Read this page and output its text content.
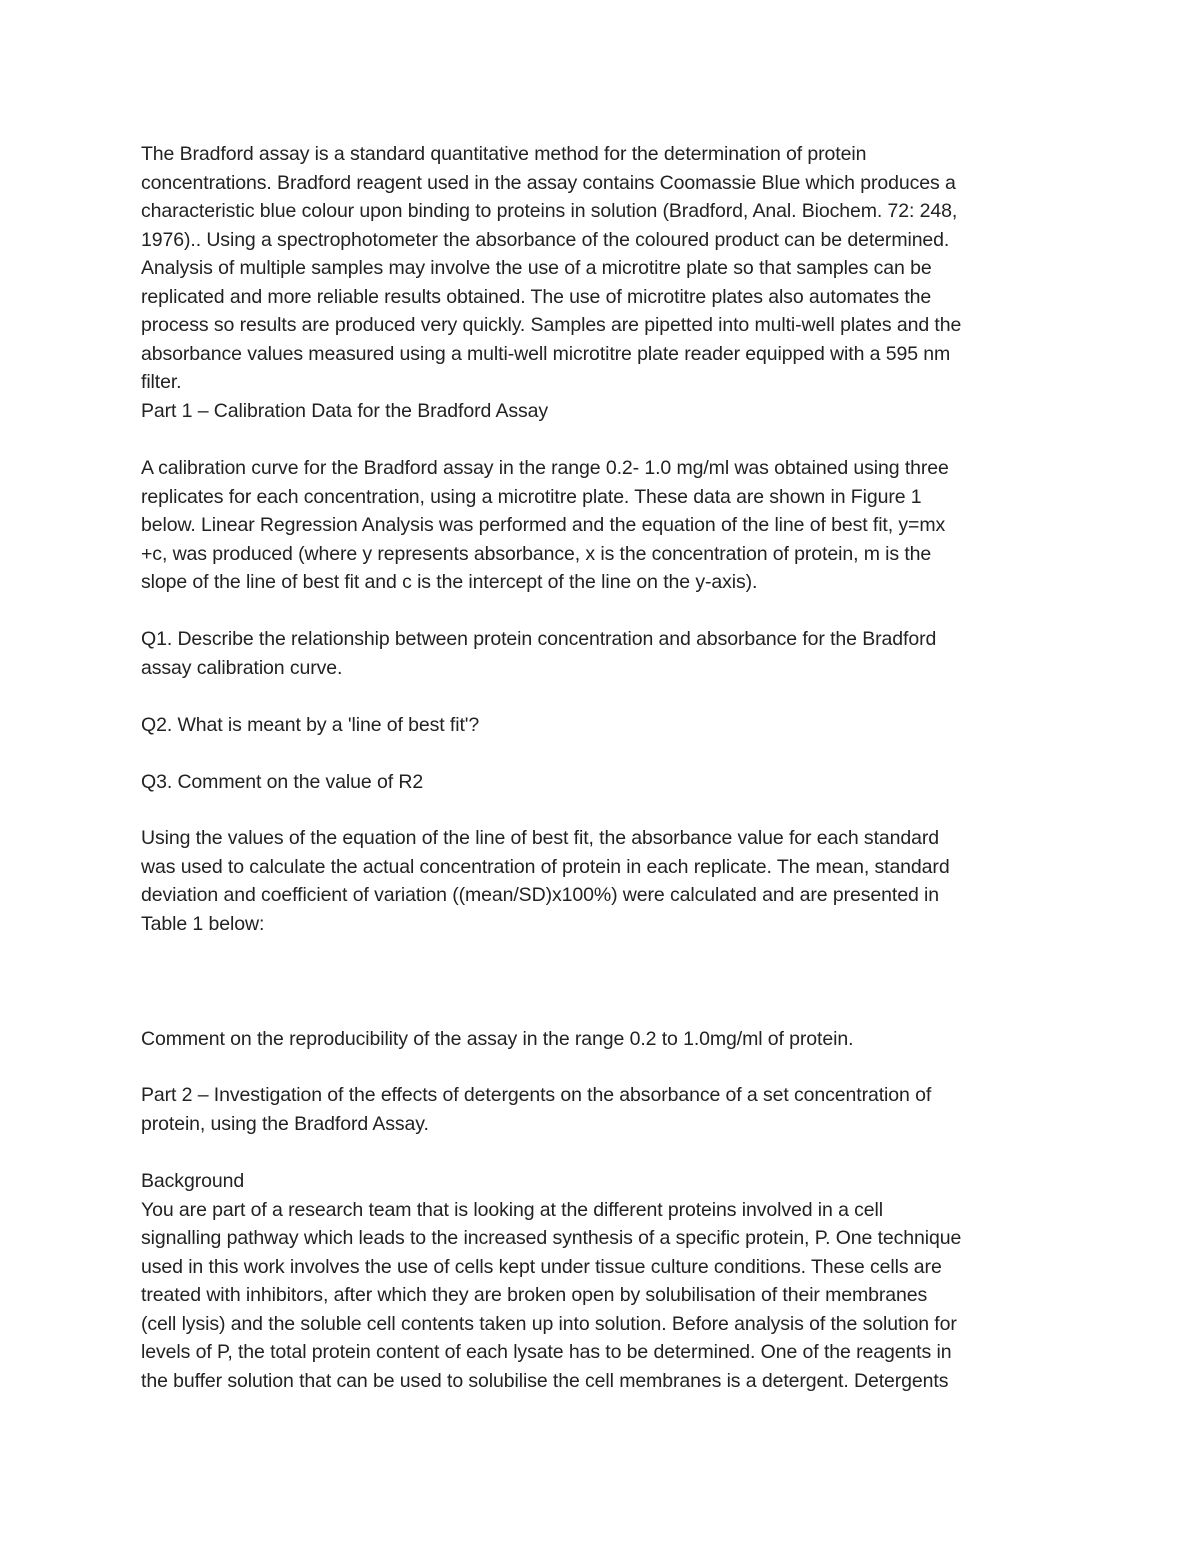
The Bradford assay is a standard quantitative method for the determination of protein
concentrations. Bradford reagent used in the assay contains Coomassie Blue which produces a
characteristic blue colour upon binding to proteins in solution (Bradford, Anal. Biochem. 72: 248,
1976).. Using a spectrophotometer the absorbance of the coloured product can be determined.
Analysis of multiple samples may involve the use of a microtitre plate so that samples can be
replicated and more reliable results obtained. The use of microtitre plates also automates the
process so results are produced very quickly. Samples are pipetted into multi-well plates and the
absorbance values measured using a multi-well microtitre plate reader equipped with a 595 nm
filter.
Part 1 – Calibration Data for the Bradford Assay
A calibration curve for the Bradford assay in the range 0.2- 1.0 mg/ml was obtained using three
replicates for each concentration, using a microtitre plate. These data are shown in Figure 1
below. Linear Regression Analysis was performed and the equation of the line of best fit, y=mx
+c, was produced (where y represents absorbance, x is the concentration of protein, m is the
slope of the line of best fit and c is the intercept of the line on the y-axis).
Q1. Describe the relationship between protein concentration and absorbance for the Bradford
assay calibration curve.
Q2. What is meant by a 'line of best fit'?
Q3. Comment on the value of R2
Using the values of the equation of the line of best fit, the absorbance value for each standard
was used to calculate the actual concentration of protein in each replicate. The mean, standard
deviation and coefficient of variation ((mean/SD)x100%) were calculated and are presented in
Table 1 below:
Comment on the reproducibility of the assay in the range 0.2 to 1.0mg/ml of protein.
Part 2 – Investigation of the effects of detergents on the absorbance of a set concentration of
protein, using the Bradford Assay.
Background
You are part of a research team that is looking at the different proteins involved in a cell
signalling pathway which leads to the increased synthesis of a specific protein, P. One technique
used in this work involves the use of cells kept under tissue culture conditions. These cells are
treated with inhibitors, after which they are broken open by solubilisation of their membranes
(cell lysis) and the soluble cell contents taken up into solution. Before analysis of the solution for
levels of P, the total protein content of each lysate has to be determined. One of the reagents in
the buffer solution that can be used to solubilise the cell membranes is a detergent. Detergents
